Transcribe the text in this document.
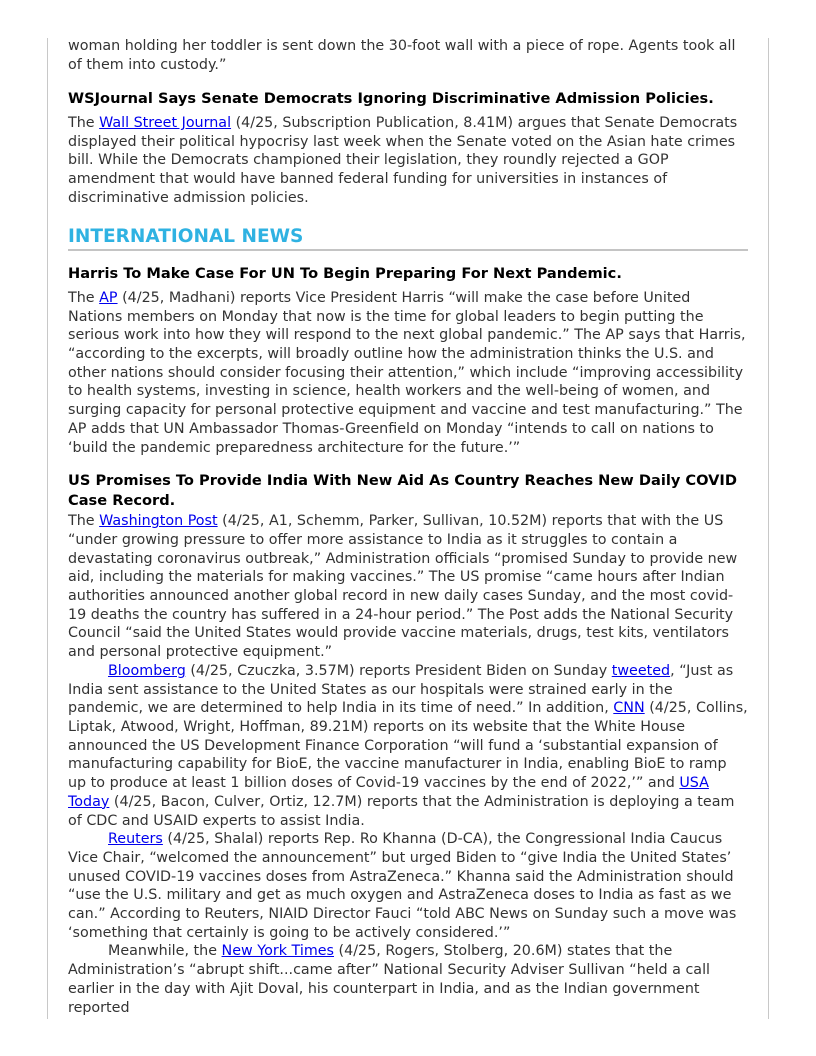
woman holding her toddler is sent down the 30-foot wall with a piece of rope. Agents took all of them into custody.”

WSJournal Says Senate Democrats Ignoring Discriminative Admission Policies.

The Wall Street Journal (4/25, Subscription Publication, 8.41M) argues that Senate Democrats displayed their political hypocrisy last week when the Senate voted on the Asian hate crimes bill. While the Democrats championed their legislation, they roundly rejected a GOP amendment that would have banned federal funding for universities in instances of discriminative admission policies.

INTERNATIONAL NEWS

Harris To Make Case For UN To Begin Preparing For Next Pandemic.

The AP (4/25, Madhani) reports Vice President Harris “will make the case before United Nations members on Monday that now is the time for global leaders to begin putting the serious work into how they will respond to the next global pandemic.” The AP says that Harris, “according to the excerpts, will broadly outline how the administration thinks the U.S. and other nations should consider focusing their attention,” which include “improving accessibility to health systems, investing in science, health workers and the well-being of women, and surging capacity for personal protective equipment and vaccine and test manufacturing.” The AP adds that UN Ambassador Thomas-Greenfield on Monday “intends to call on nations to ‘build the pandemic preparedness architecture for the future.’”

US Promises To Provide India With New Aid As Country Reaches New Daily COVID Case Record.

The Washington Post (4/25, A1, Schemm, Parker, Sullivan, 10.52M) reports that with the US “under growing pressure to offer more assistance to India as it struggles to contain a devastating coronavirus outbreak,” Administration officials “promised Sunday to provide new aid, including the materials for making vaccines.” The US promise “came hours after Indian authorities announced another global record in new daily cases Sunday, and the most covid-19 deaths the country has suffered in a 24-hour period.” The Post adds the National Security Council “said the United States would provide vaccine materials, drugs, test kits, ventilators and personal protective equipment.”

Bloomberg (4/25, Czuczka, 3.57M) reports President Biden on Sunday tweeted, “Just as India sent assistance to the United States as our hospitals were strained early in the pandemic, we are determined to help India in its time of need.” In addition, CNN (4/25, Collins, Liptak, Atwood, Wright, Hoffman, 89.21M) reports on its website that the White House announced the US Development Finance Corporation “will fund a ‘substantial expansion of manufacturing capability for BioE, the vaccine manufacturer in India, enabling BioE to ramp up to produce at least 1 billion doses of Covid-19 vaccines by the end of 2022,’” and USA Today (4/25, Bacon, Culver, Ortiz, 12.7M) reports that the Administration is deploying a team of CDC and USAID experts to assist India.

Reuters (4/25, Shalal) reports Rep. Ro Khanna (D-CA), the Congressional India Caucus Vice Chair, “welcomed the announcement” but urged Biden to “give India the United States’ unused COVID-19 vaccines doses from AstraZeneca.” Khanna said the Administration should “use the U.S. military and get as much oxygen and AstraZeneca doses to India as fast as we can.” According to Reuters, NIAID Director Fauci “told ABC News on Sunday such a move was ‘something that certainly is going to be actively considered.’”

Meanwhile, the New York Times (4/25, Rogers, Stolberg, 20.6M) states that the Administration’s “abrupt shift...came after” National Security Adviser Sullivan “held a call earlier in the day with Ajit Doval, his counterpart in India, and as the Indian government reported
